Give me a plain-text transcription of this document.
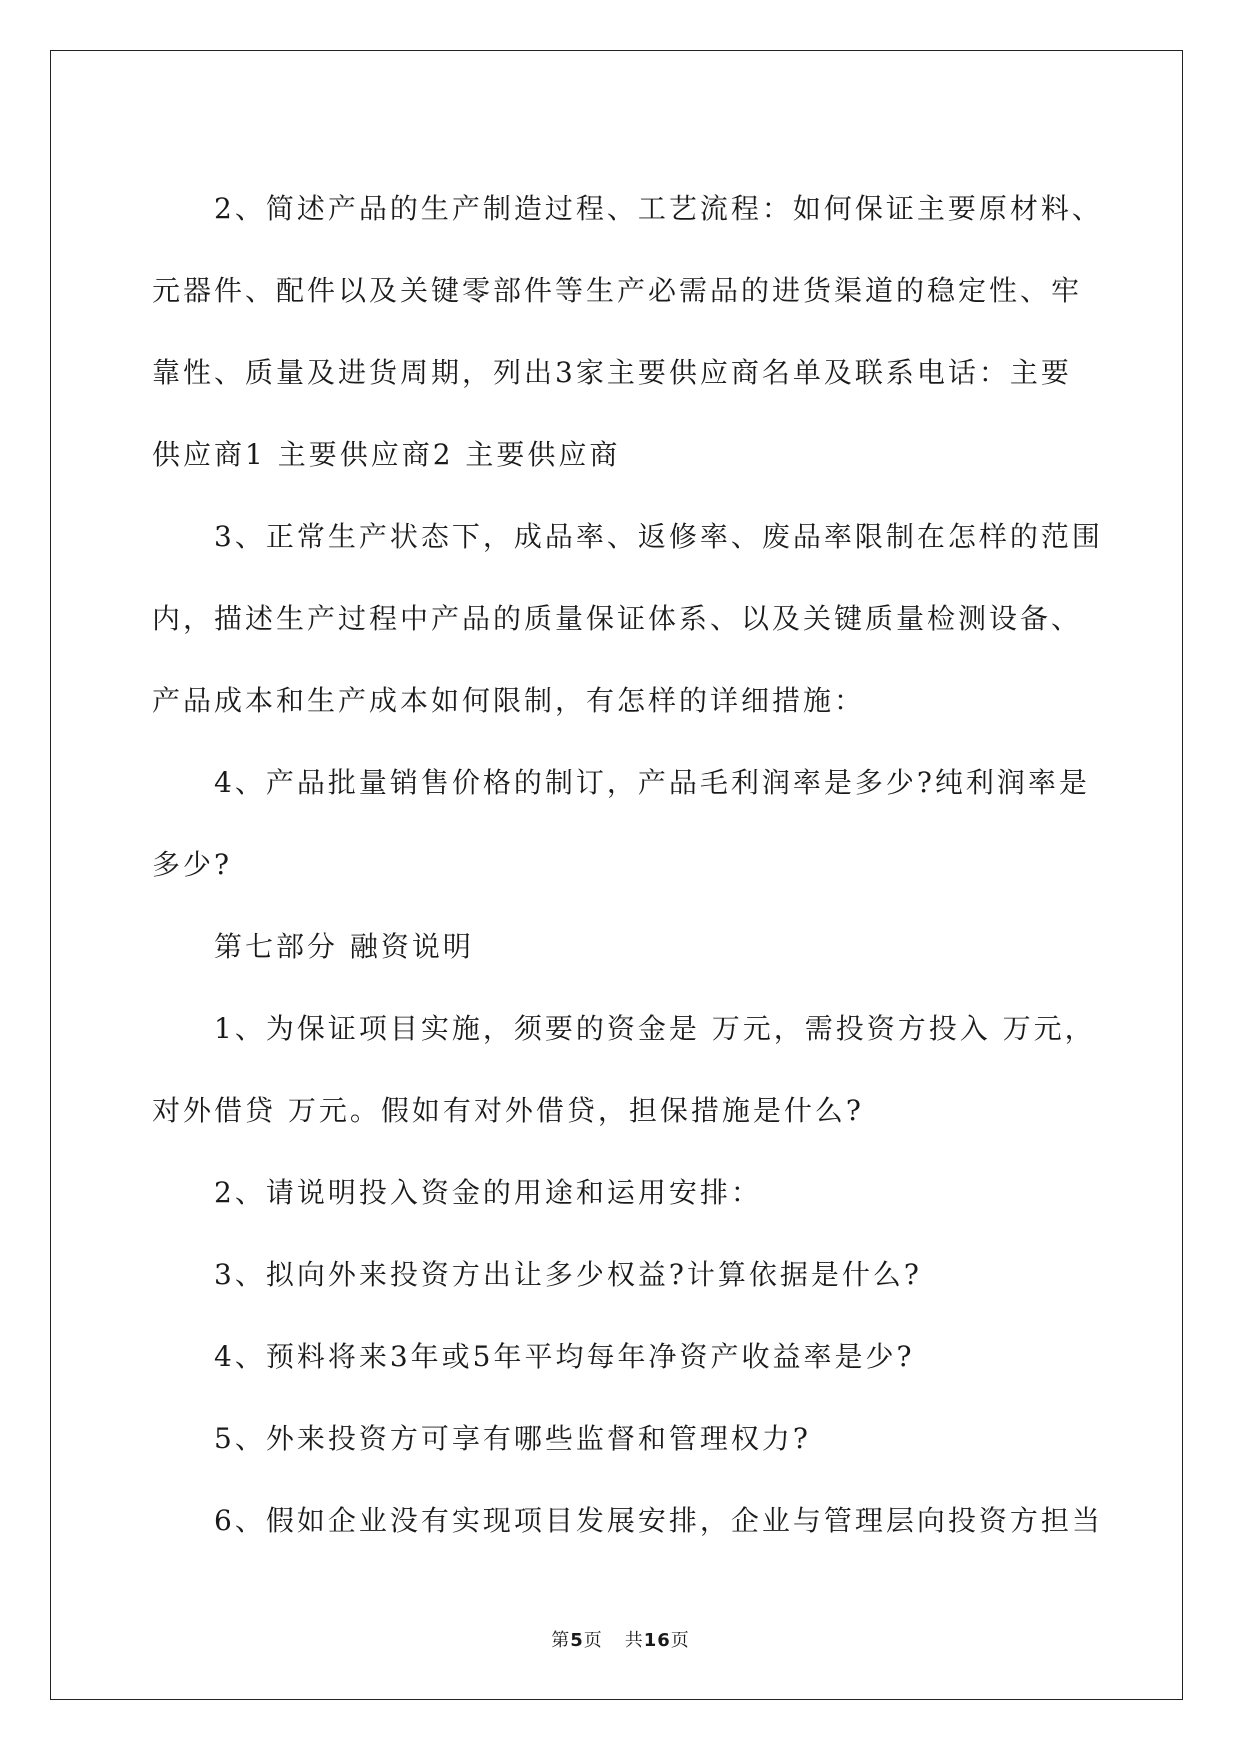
2、简述产品的生产制造过程、工艺流程：如何保证主要原材料、

元器件、配件以及关键零部件等生产必需品的进货渠道的稳定性、牢

靠性、质量及进货周期，列出3家主要供应商名单及联系电话：主要

供应商1 主要供应商2 主要供应商

3、正常生产状态下，成品率、返修率、废品率限制在怎样的范围

内，描述生产过程中产品的质量保证体系、以及关键质量检测设备、

产品成本和生产成本如何限制，有怎样的详细措施：

4、产品批量销售价格的制订，产品毛利润率是多少?纯利润率是

多少?

第七部分 融资说明

1、为保证项目实施，须要的资金是 万元，需投资方投入 万元，

对外借贷 万元。假如有对外借贷，担保措施是什么?

2、请说明投入资金的用途和运用安排：

3、拟向外来投资方出让多少权益?计算依据是什么?

4、预料将来3年或5年平均每年净资产收益率是少?

5、外来投资方可享有哪些监督和管理权力?

6、假如企业没有实现项目发展安排，企业与管理层向投资方担当

第5页 共16页
